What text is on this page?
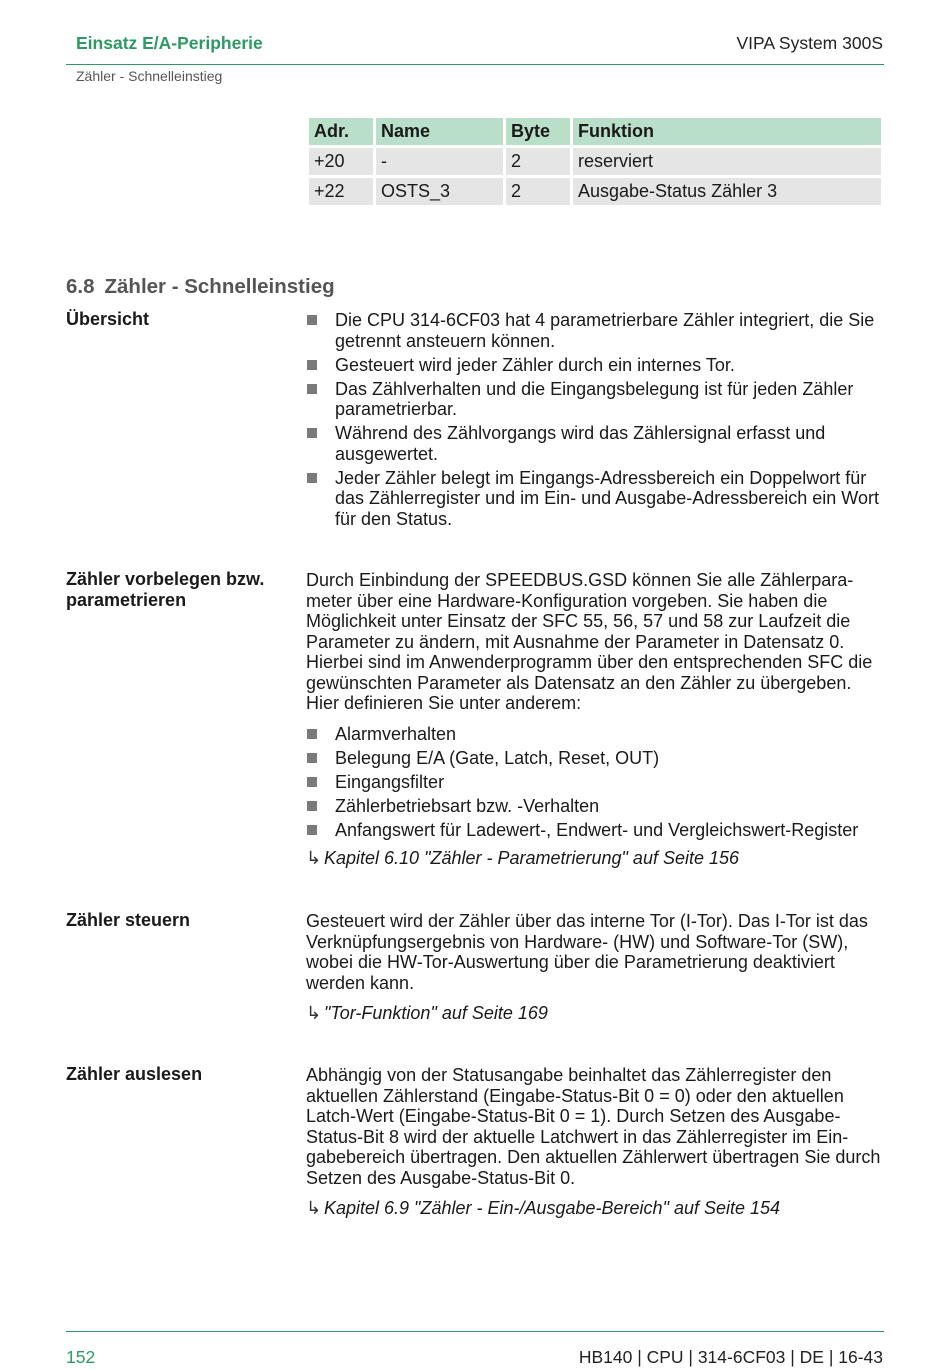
Einsatz E/A-Peripherie	VIPA System 300S
Zähler - Schnelleinstieg
Adr.	Name	Byte	Funktion
+20	-	2	reserviert
+22	OSTS_3	2	Ausgabe-Status Zähler 3
6.8 Zähler - Schnelleinstieg
Übersicht	Die CPU 314-6CF03 hat 4 parametrierbare Zähler integriert, die Sie getrennt ansteuern können.
Gesteuert wird jeder Zähler durch ein internes Tor.
Das Zählverhalten und die Eingangsbelegung ist für jeden Zähler parametrierbar.
Während des Zählvorgangs wird das Zählersignal erfasst und ausgewertet.
Jeder Zähler belegt im Eingangs-Adressbereich ein Doppelwort für das Zählerregister und im Ein- und Ausgabe-Adressbereich ein Wort für den Status.
Zähler vorbelegen bzw.
parametrieren

Durch Einbindung der SPEEDBUS.GSD können Sie alle Zählerparameter über eine Hardware-Konfiguration vorgeben. Sie haben die Möglichkeit unter Einsatz der SFC 55, 56, 57 und 58 zur Laufzeit die Parameter zu ändern, mit Ausnahme der Parameter in Datensatz 0. Hierbei sind im Anwenderprogramm über den entsprechenden SFC die gewünschten Parameter als Datensatz an den Zähler zu übergeben. Hier definieren Sie unter anderem:

Alarmverhalten
Belegung E/A (Gate, Latch, Reset, OUT)
Eingangsfilter
Zählerbetriebsart bzw. -Verhalten
Anfangswert für Ladewert-, Endwert- und Vergleichswert-Register
↳ Kapitel 6.10 "Zähler - Parametrierung" auf Seite 156
Zähler steuern	Gesteuert wird der Zähler über das interne Tor (I-Tor). Das I-Tor ist das Verknüpfungsergebnis von Hardware- (HW) und Software-Tor (SW), wobei die HW-Tor-Auswertung über die Parametrierung deaktiviert werden kann.

↳ "Tor-Funktion" auf Seite 169
Zähler auslesen	Abhängig von der Statusangabe beinhaltet das Zählerregister den aktuellen Zählerstand (Eingabe-Status-Bit 0 = 0) oder den aktuellen Latch-Wert (Eingabe-Status-Bit 0 = 1). Durch Setzen des Ausgabe-Status-Bit 8 wird der aktuelle Latchwert in das Zählerregister im Eingabebereich übertragen. Den aktuellen Zählerwert übertragen Sie durch Setzen des Ausgabe-Status-Bit 0.

↳ Kapitel 6.9 "Zähler - Ein-/Ausgabe-Bereich" auf Seite 154
152	HB140 | CPU | 314-6CF03 | DE | 16-43
